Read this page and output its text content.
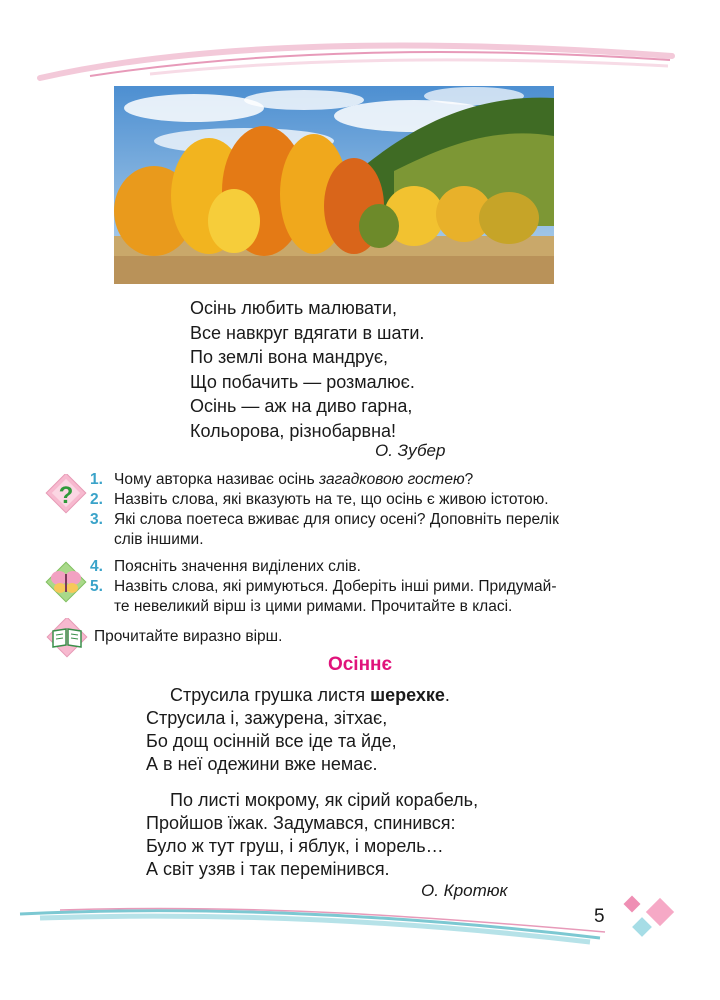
Осінь любить малювати,
Все навкруг вдягати в шати.
По землі вона мандрує,
Що побачить — розмалює.
Осінь — аж на диво гарна,
Кольорова, різнобарвна!
О. Зубер
?
1. Чому авторка називає осінь загадковою гостею?
2. Назвіть слова, які вказують на те, що осінь є живою істотою.
3. Які слова поетеса вживає для опису осені? Доповніть перелік
слів іншими.
4. Поясніть значення виділених слів.
5. Назвіть слова, які римуються. Доберіть інші рими. Придумай-
те невеликий вірш із цими римами. Прочитайте в класі.
Прочитайте виразно вірш.
Осіннє
Струсила грушка листя шерехке.
Струсила і, зажурена, зітхає,
Бо дощ осінній все іде та йде,
А в неї одежини вже немає.
По листі мокрому, як сірий корабель,
Пройшов їжак. Задумався, спинився:
Було ж тут груш, і яблук, і морель…
А світ узяв і так перемінився.
О. Кротюк
5
